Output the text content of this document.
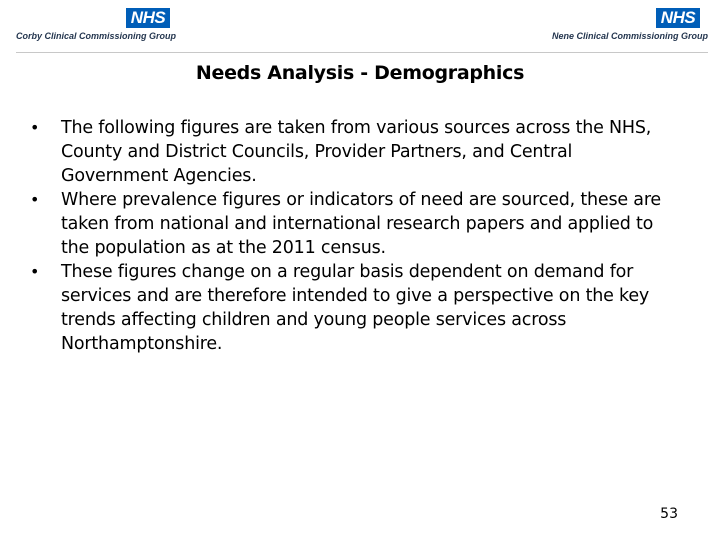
NHS
Corby Clinical Commissioning Group
NHS
Nene Clinical Commissioning Group
Needs Analysis - Demographics
• The following figures are taken from various sources across the NHS, County and District Councils, Provider Partners, and Central Government Agencies.
• Where prevalence figures or indicators of need are sourced, these are taken from national and international research papers and applied to the population as at the 2011 census.
• These figures change on a regular basis dependent on demand for services and are therefore intended to give a perspective on the key trends affecting children and young people services across Northamptonshire.
53
